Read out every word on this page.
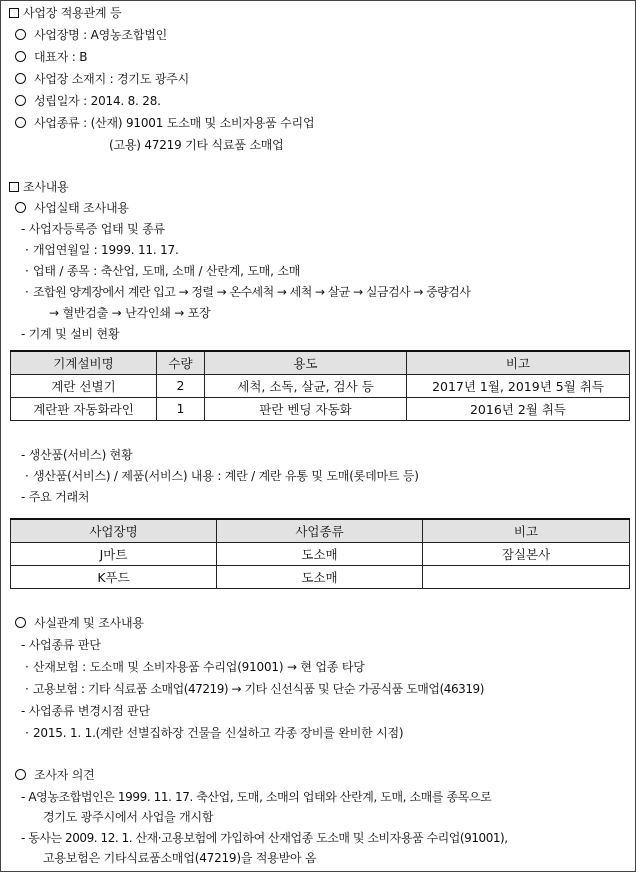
사업장 적용관계 등
사업장명 : A영농조합법인
대표자 : B
사업장 소재지 : 경기도 광주시
성립일자 : 2014. 8. 28.
사업종류 : (산재) 91001 도소매 및 소비자용품 수리업
(고용) 47219 기타 식료품 소매업
조사내용
사업실태 조사내용
- 사업자등록증 업태 및 종류
· 개업연월일 : 1999. 11. 17.
· 업태 / 종목 : 축산업, 도매, 소매 / 산란계, 도매, 소매
· 조합원 양계장에서 계란 입고 → 정렬 → 온수세척 → 세척 → 살균 → 실금검사 → 중량검사
→ 혈반검출 → 난각인쇄 → 포장
- 기계 및 설비 현황
기계설비명	수량	용도	비고
계란 선별기	2	세척, 소독, 살균, 검사 등	2017년 1월, 2019년 5월 취득
계란판 자동화라인	1	판란 벤딩 자동화	2016년 2월 취득
- 생산품(서비스) 현황
· 생산품(서비스) / 제품(서비스) 내용 : 계란 / 계란 유통 및 도매(롯데마트 등)
- 주요 거래처
사업장명	사업종류	비고
J마트	도소매	잠실본사
K푸드	도소매	
사실관계 및 조사내용
- 사업종류 판단
· 산재보험 : 도소매 및 소비자용품 수리업(91001) → 현 업종 타당
· 고용보험 : 기타 식료품 소매업(47219) → 기타 신선식품 및 단순 가공식품 도매업(46319)
- 사업종류 변경시점 판단
· 2015. 1. 1.(계란 선별집하장 건물을 신설하고 각종 장비를 완비한 시점)
조사자 의견
- A영농조합법인은 1999. 11. 17. 축산업, 도매, 소매의 업태와 산란계, 도매, 소매를 종목으로
경기도 광주시에서 사업을 개시함
- 동사는 2009. 12. 1. 산재·고용보험에 가입하여 산재업종 도소매 및 소비자용품 수리업(91001),
고용보험은 기타식료품소매업(47219)을 적용받아 옴
